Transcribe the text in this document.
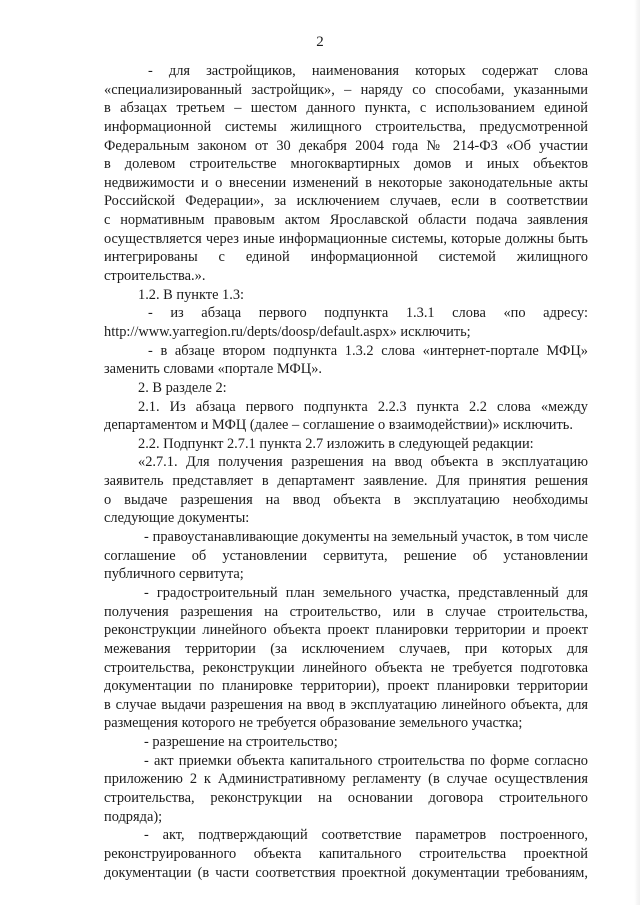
2
- для застройщиков, наименования которых содержат слова
«специализированный застройщик», – наряду со способами, указанными
в абзацах третьем – шестом данного пункта, с использованием единой
информационной системы жилищного строительства, предусмотренной
Федеральным законом от 30 декабря 2004 года № 214-ФЗ «Об участии
в долевом строительстве многоквартирных домов и иных объектов
недвижимости и о внесении изменений в некоторые законодательные акты
Российской Федерации», за исключением случаев, если в соответствии
с нормативным правовым актом Ярославской области подача заявления
осуществляется через иные информационные системы, которые должны быть
интегрированы с единой информационной системой жилищного
строительства.».
1.2. В пункте 1.3:
- из абзаца первого подпункта 1.3.1 слова «по адресу:
http://www.yarregion.ru/depts/doosp/default.aspx» исключить;
- в абзаце втором подпункта 1.3.2 слова «интернет-портале МФЦ»
заменить словами «портале МФЦ».
2. В разделе 2:
2.1. Из абзаца первого подпункта 2.2.3 пункта 2.2 слова «между
департаментом и МФЦ (далее – соглашение о взаимодействии)» исключить.
2.2. Подпункт 2.7.1 пункта 2.7 изложить в следующей редакции:
«2.7.1. Для получения разрешения на ввод объекта в эксплуатацию
заявитель представляет в департамент заявление. Для принятия решения
о выдаче разрешения на ввод объекта в эксплуатацию необходимы
следующие документы:
- правоустанавливающие документы на земельный участок, в том числе
соглашение об установлении сервитута, решение об установлении
публичного сервитута;
- градостроительный план земельного участка, представленный для
получения разрешения на строительство, или в случае строительства,
реконструкции линейного объекта проект планировки территории и проект
межевания территории (за исключением случаев, при которых для
строительства, реконструкции линейного объекта не требуется подготовка
документации по планировке территории), проект планировки территории
в случае выдачи разрешения на ввод в эксплуатацию линейного объекта, для
размещения которого не требуется образование земельного участка;
- разрешение на строительство;
- акт приемки объекта капитального строительства по форме согласно
приложению 2 к Административному регламенту (в случае осуществления
строительства, реконструкции на основании договора строительного
подряда);
- акт, подтверждающий соответствие параметров построенного,
реконструированного объекта капитального строительства проектной
документации (в части соответствия проектной документации требованиям,
